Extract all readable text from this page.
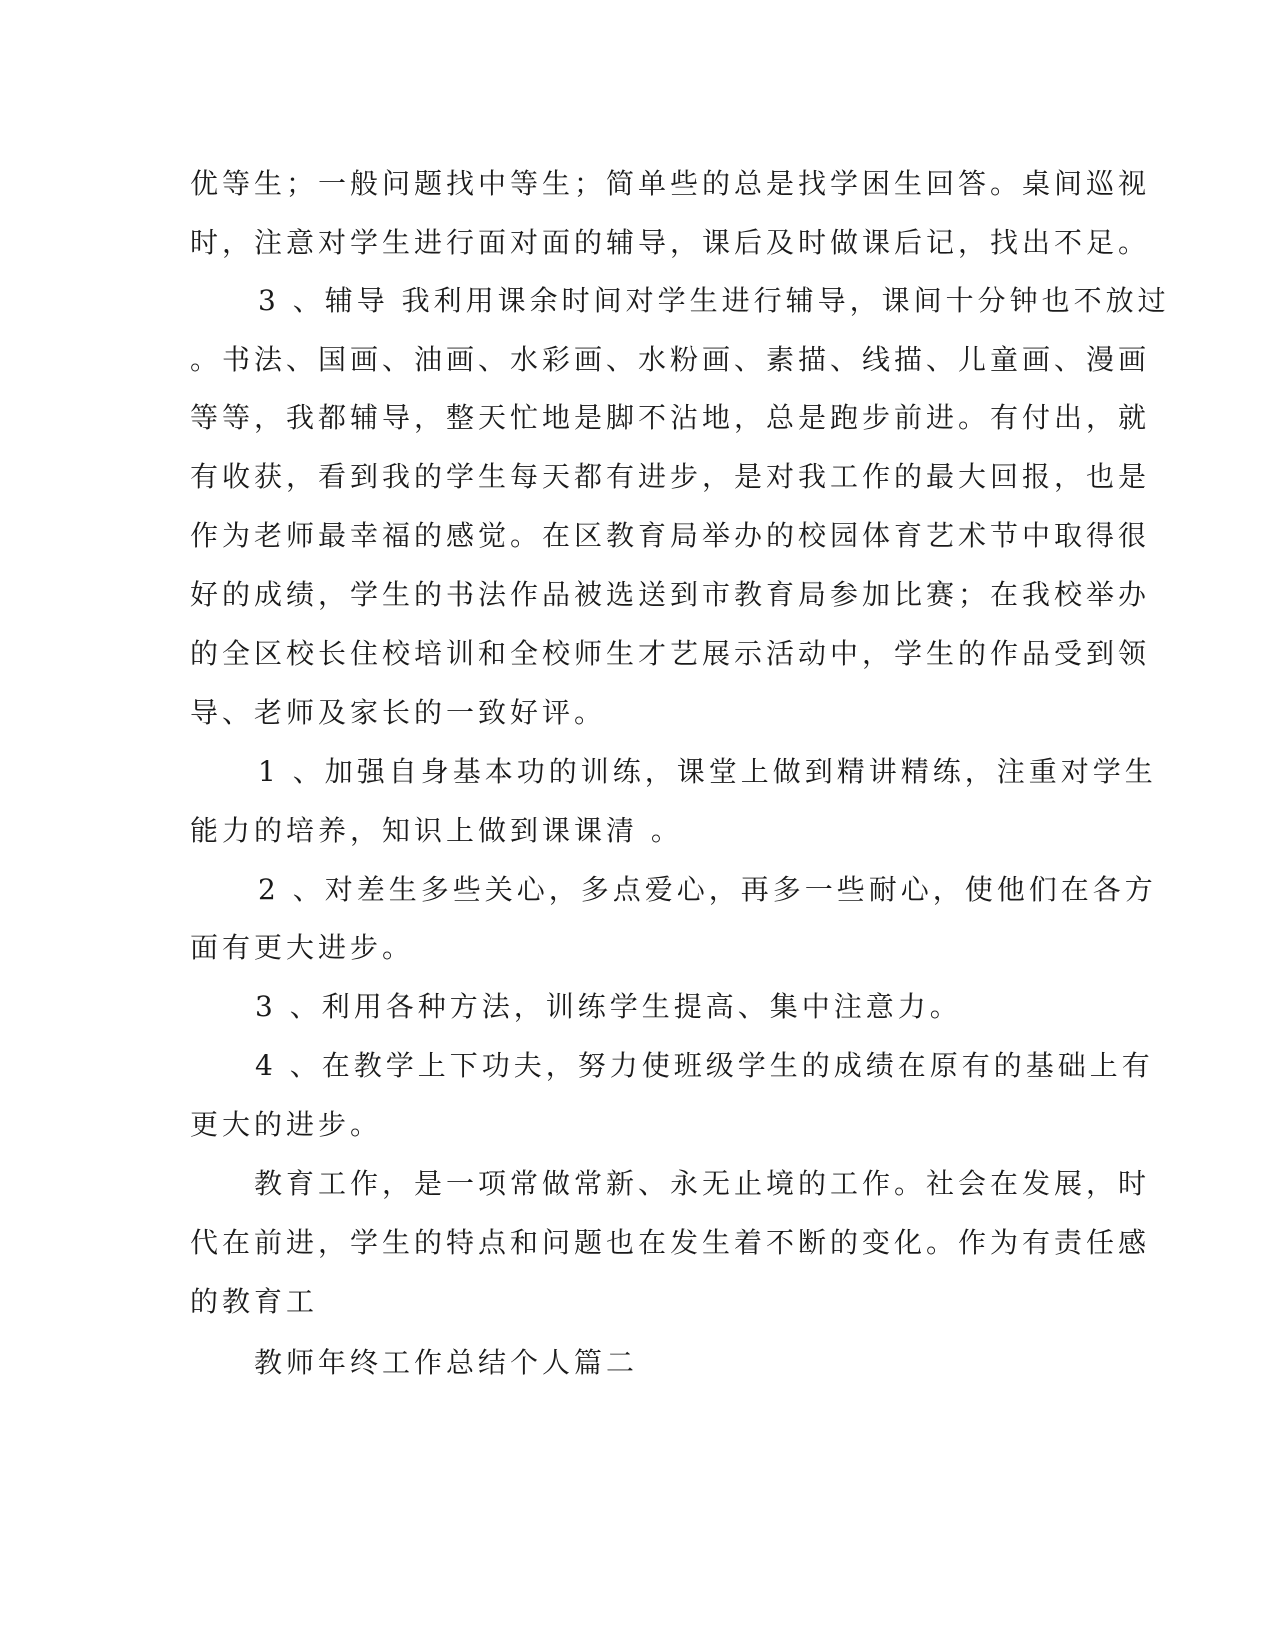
优等生；一般问题找中等生；简单些的总是找学困生回答。桌间巡视
时，注意对学生进行面对面的辅导，课后及时做课后记，找出不足。
3 、辅导 我利用课余时间对学生进行辅导，课间十分钟也不放过
。书法、国画、油画、水彩画、水粉画、素描、线描、儿童画、漫画
等等，我都辅导，整天忙地是脚不沾地，总是跑步前进。有付出，就
有收获，看到我的学生每天都有进步，是对我工作的最大回报，也是
作为老师最幸福的感觉。在区教育局举办的校园体育艺术节中取得很
好的成绩，学生的书法作品被选送到市教育局参加比赛；在我校举办
的全区校长住校培训和全校师生才艺展示活动中，学生的作品受到领
导、老师及家长的一致好评。
1 、加强自身基本功的训练，课堂上做到精讲精练，注重对学生
能力的培养，知识上做到课课清 。
2 、对差生多些关心，多点爱心，再多一些耐心，使他们在各方
面有更大进步。
3 、利用各种方法，训练学生提高、集中注意力。
4 、在教学上下功夫，努力使班级学生的成绩在原有的基础上有
更大的进步。
教育工作，是一项常做常新、永无止境的工作。社会在发展，时
代在前进，学生的特点和问题也在发生着不断的变化。作为有责任感
的教育工
教师年终工作总结个人篇二
